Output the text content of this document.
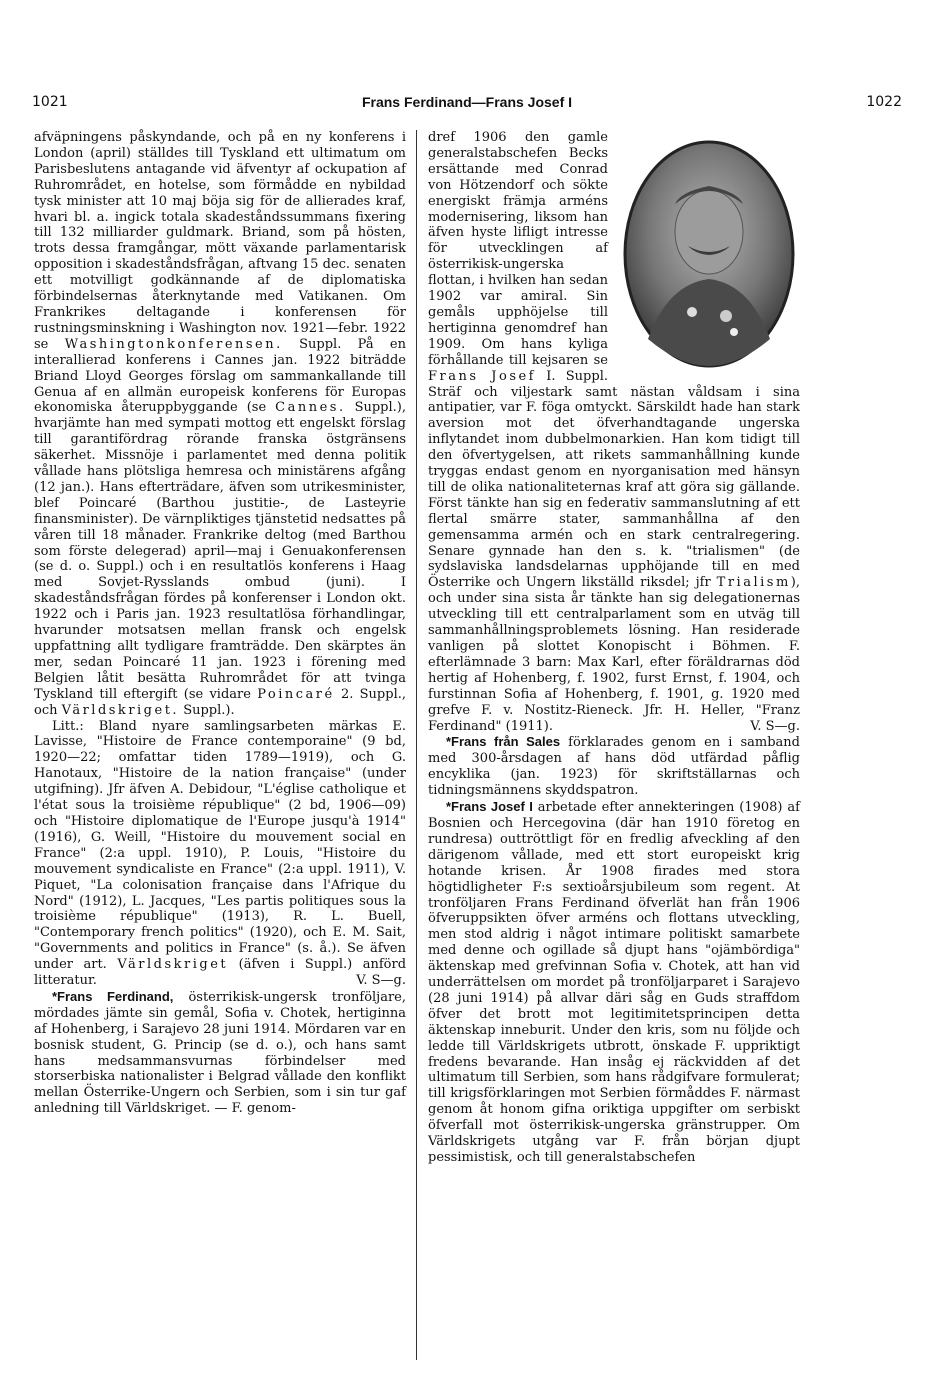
1021	Frans Ferdinand—Frans Josef I	1022

afväpningens påskyndande, och på en ny konferens i London (april) ställdes till Tyskland ett ultimatum om Parisbeslutens antagande vid äfventyr af ockupation af Ruhrområdet, en hotelse, som förmådde en nybildad tysk minister att 10 maj böja sig för de allierades kraf, hvari bl. a. ingick totala skadeståndssummans fixering till 132 milliarder guldmark. Briand, som på hösten, trots dessa framgångar, mött växande parlamentarisk opposition i skadeståndsfrågan, aftvang 15 dec. senaten ett motvilligt godkännande af de diplomatiska förbindelsernas återknytande med Vatikanen. Om Frankrikes deltagande i konferensen för rustningsminskning i Washington nov. 1921—febr. 1922 se Washingtonkonferensen. Suppl. På en interallierad konferens i Cannes jan. 1922 biträdde Briand Lloyd Georges förslag om sammankallande till Genua af en allmän europeisk konferens för Europas ekonomiska återuppbyggande (se Cannes. Suppl.), hvarjämte han med sympati mottog ett engelskt förslag till garantifördrag rörande franska östgränsens säkerhet. Missnöje i parlamentet med denna politik vållade hans plötsliga hemresa och ministärens afgång (12 jan.). Hans efterträdare, äfven som utrikesminister, blef Poincaré (Barthou justitie-, de Lasteyrie finansminister). De värnpliktiges tjänstetid nedsattes på våren till 18 månader. Frankrike deltog (med Barthou som förste delegerad) april—maj i Genuakonferensen (se d. o. Suppl.) och i en resultatlös konferens i Haag med Sovjet-Rysslands ombud (juni). I skadeståndsfrågan fördes på konferenser i London okt. 1922 och i Paris jan. 1923 resultatlösa förhandlingar, hvarunder motsatsen mellan fransk och engelsk uppfattning allt tydligare framträdde. Den skärptes än mer, sedan Poincaré 11 jan. 1923 i förening med Belgien låtit besätta Ruhrområdet för att tvinga Tyskland till eftergift (se vidare Poincaré 2. Suppl., och Världskriget. Suppl.).

Litt.: Bland nyare samlingsarbeten märkas E. Lavisse, "Histoire de France contemporaine" (9 bd, 1920—22; omfattar tiden 1789—1919), och G. Hanotaux, "Histoire de la nation française" (under utgifning). Jfr äfven A. Debidour, "L'église catholique et l'état sous la troisième république" (2 bd, 1906—09) och "Histoire diplomatique de l'Europe jusqu'à 1914" (1916), G. Weill, "Histoire du mouvement social en France" (2:a uppl. 1910), P. Louis, "Histoire du mouvement syndicaliste en France" (2:a uppl. 1911), V. Piquet, "La colonisation française dans l'Afrique du Nord" (1912), L. Jacques, "Les partis politiques sous la troisième république" (1913), R. L. Buell, "Contemporary french politics" (1920), och E. M. Sait, "Governments and politics in France" (s. å.). Se äfven under art. Världskriget (äfven i Suppl.) anförd litteratur.	V. S—g.

*Frans Ferdinand, österrikisk-ungersk tronföljare, mördades jämte sin gemål, Sofia v. Chotek, hertiginna af Hohenberg, i Sarajevo 28 juni 1914. Mördaren var en bosnisk student, G. Princip (se d. o.), och hans samt hans medsammansvurnas förbindelser med storserbiska nationalister i Belgrad vållade den konflikt mellan Österrike-Ungern och Serbien, som i sin tur gaf anledning till Världskriget. — F. genom-

dref 1906 den gamle generalstabschefen Becks ersättande med Conrad von Hötzendorf och sökte energiskt främja arméns modernisering, liksom han äfven hyste lifligt intresse för utvecklingen af österrikisk-ungerska flottan, i hvilken han sedan 1902 var amiral. Sin gemåls upphöjelse till hertiginna genomdref han 1909. Om hans kyliga förhållande till kejsaren se Frans Josef I. Suppl. Sträf och viljestark samt nästan våldsam i sina antipatier, var F. föga omtyckt. Särskildt hade han stark aversion mot det öfverhandtagande ungerska inflytandet inom dubbelmonarkien. Han kom tidigt till den öfvertygelsen, att rikets sammanhållning kunde tryggas endast genom en nyorganisation med hänsyn till de olika nationaliteternas kraf att göra sig gällande. Först tänkte han sig en federativ sammanslutning af ett flertal smärre stater, sammanhållna af den gemensamma armén och en stark centralregering. Senare gynnade han den s. k. "trialismen" (de sydslaviska landsdelarnas upphöjande till en med Österrike och Ungern likställd riksdel; jfr Trialism), och under sina sista år tänkte han sig delegationernas utveckling till ett centralparlament som en utväg till sammanhållningsproblemets lösning. Han residerade vanligen på slottet Konopischt i Böhmen. F. efterlämnade 3 barn: Max Karl, efter föräldrarnas död hertig af Hohenberg, f. 1902, furst Ernst, f. 1904, och furstinnan Sofia af Hohenberg, f. 1901, g. 1920 med grefve F. v. Nostitz-Rieneck. Jfr. H. Heller, "Franz Ferdinand" (1911).	V. S—g.

*Frans från Sales förklarades genom en i samband med 300-årsdagen af hans död utfärdad påflig encyklika (jan. 1923) för skriftställarnas och tidningsmännens skyddspatron.

*Frans Josef I arbetade efter annekteringen (1908) af Bosnien och Hercegovina (där han 1910 företog en rundresa) outtröttligt för en fredlig afveckling af den därigenom vållade, med ett stort europeiskt krig hotande krisen. År 1908 firades med stora högtidligheter F:s sextioårsjubileum som regent. At tronföljaren Frans Ferdinand öfverlät han från 1906 öfveruppsikten öfver arméns och flottans utveckling, men stod aldrig i något intimare politiskt samarbete med denne och ogillade så djupt hans "ojämbördiga" äktenskap med grefvinnan Sofia v. Chotek, att han vid underrättelsen om mordet på tronföljarparet i Sarajevo (28 juni 1914) på allvar däri såg en Guds straffdom öfver det brott mot legitimitetsprincipen detta äktenskap inneburit. Under den kris, som nu följde och ledde till Världskrigets utbrott, önskade F. uppriktigt fredens bevarande. Han insåg ej räckvidden af det ultimatum till Serbien, som hans rådgifvare formulerat; till krigsförklaringen mot Serbien förmåddes F. närmast genom åt honom gifna oriktiga uppgifter om serbiskt öfverfall mot österrikisk-ungerska gränstrupper. Om Världskrigets utgång var F. från början djupt pessimistisk, och till generalstabschefen
